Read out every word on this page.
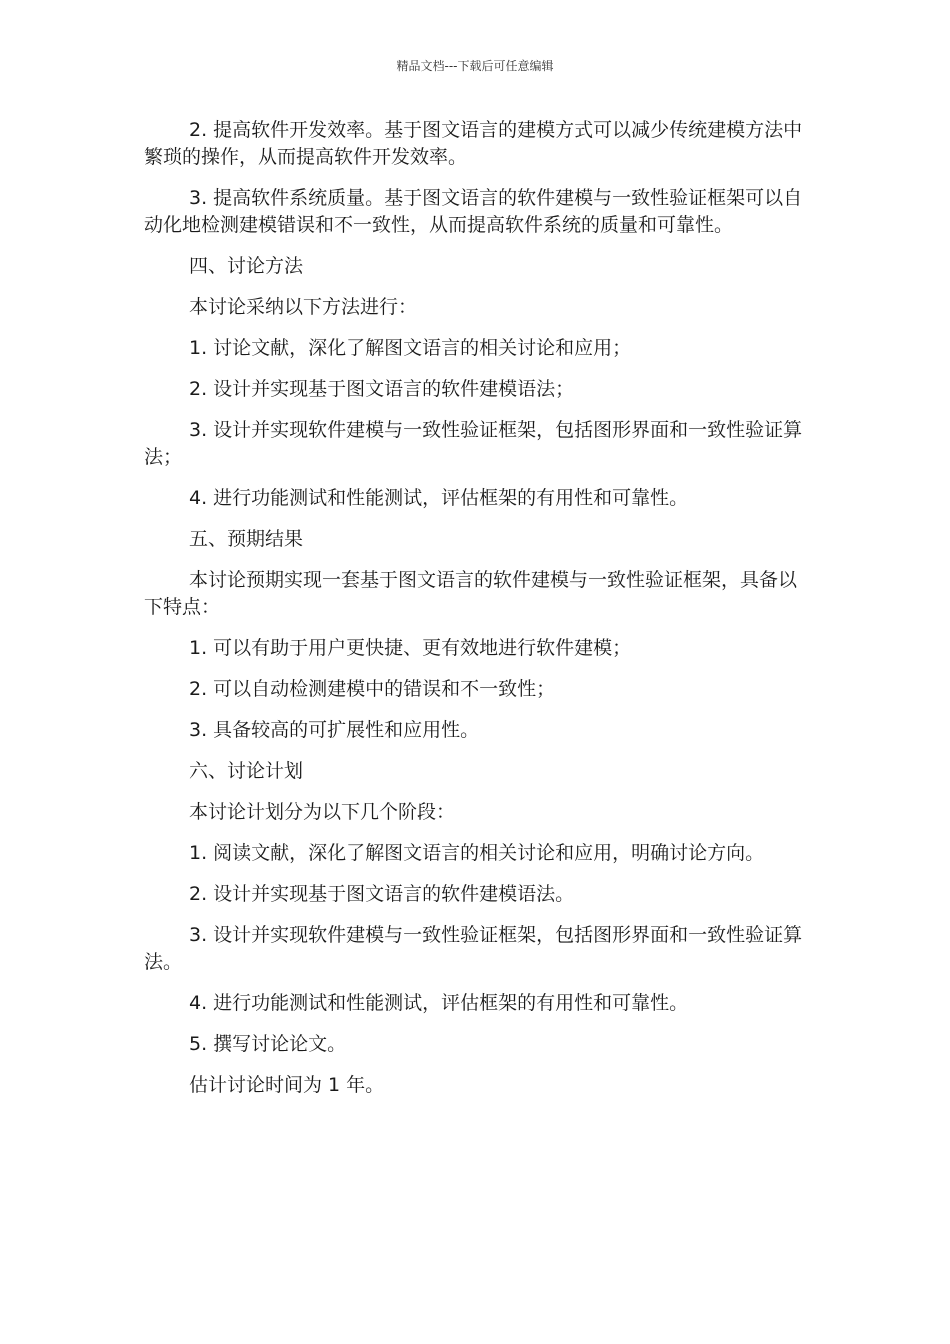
精品文档---下载后可任意编辑

2. 提高软件开发效率。基于图文语言的建模方式可以减少传统建模方法中繁琐的操作，从而提高软件开发效率。

3. 提高软件系统质量。基于图文语言的软件建模与一致性验证框架可以自动化地检测建模错误和不一致性，从而提高软件系统的质量和可靠性。

四、讨论方法

本讨论采纳以下方法进行：

1. 讨论文献，深化了解图文语言的相关讨论和应用；

2. 设计并实现基于图文语言的软件建模语法；

3. 设计并实现软件建模与一致性验证框架，包括图形界面和一致性验证算法；

4. 进行功能测试和性能测试，评估框架的有用性和可靠性。

五、预期结果

本讨论预期实现一套基于图文语言的软件建模与一致性验证框架，具备以下特点：

1. 可以有助于用户更快捷、更有效地进行软件建模；

2. 可以自动检测建模中的错误和不一致性；

3. 具备较高的可扩展性和应用性。

六、讨论计划

本讨论计划分为以下几个阶段：

1. 阅读文献，深化了解图文语言的相关讨论和应用，明确讨论方向。

2. 设计并实现基于图文语言的软件建模语法。

3. 设计并实现软件建模与一致性验证框架，包括图形界面和一致性验证算法。

4. 进行功能测试和性能测试，评估框架的有用性和可靠性。

5. 撰写讨论论文。

估计讨论时间为 1 年。
